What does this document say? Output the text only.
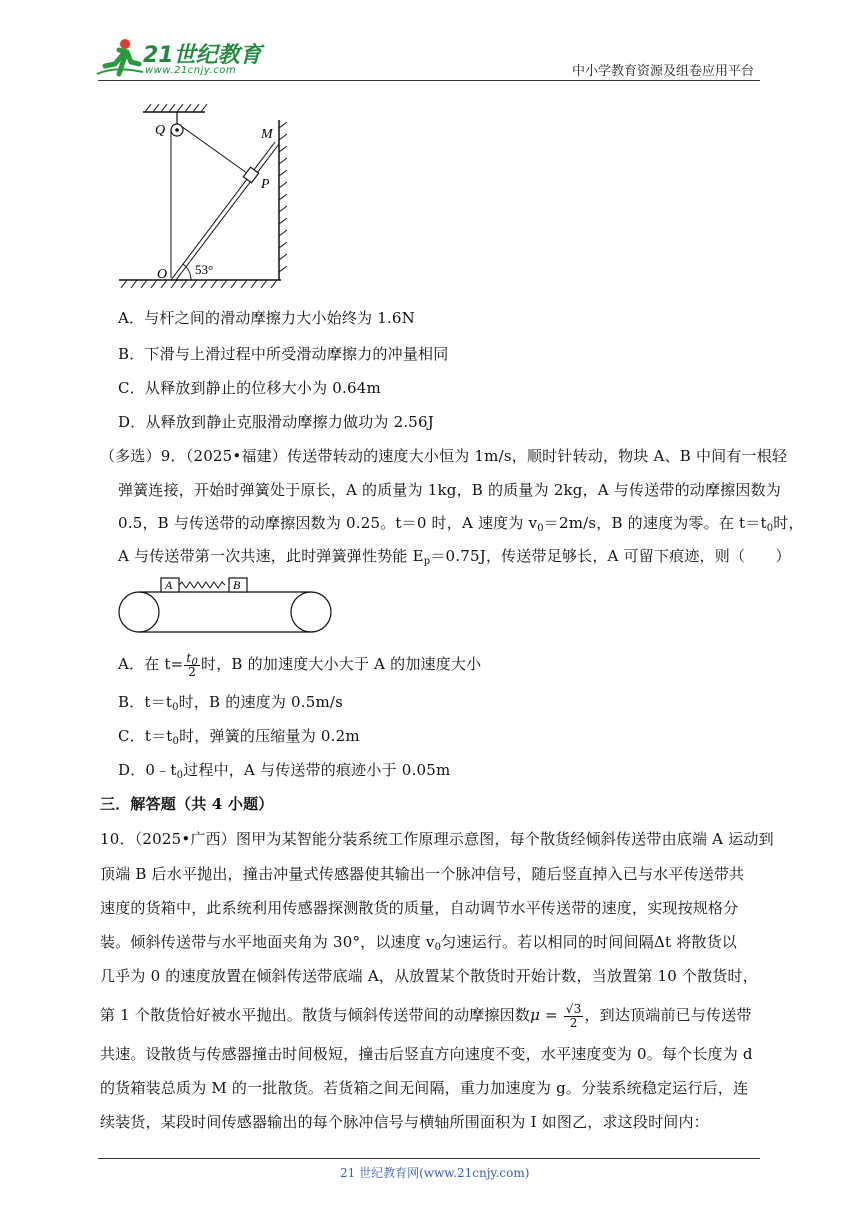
21世纪教育
www.21cnjy.com	中小学教育资源及组卷应用平台
Q	M
P
O 53°
A．与杆之间的滑动摩擦力大小始终为 1.6N
B．下滑与上滑过程中所受滑动摩擦力的冲量相同
C．从释放到静止的位移大小为 0.64m
D．从释放到静止克服滑动摩擦力做功为 2.56J
（多选）9．（2025•福建）传送带转动的速度大小恒为 1m/s，顺时针转动，物块 A、B 中间有一根轻
弹簧连接，开始时弹簧处于原长，A 的质量为 1kg，B 的质量为 2kg，A 与传送带的动摩擦因数为
0.5，B 与传送带的动摩擦因数为 0.25。t＝0 时，A 速度为 $v_0=2m/s$，B 的速度为零。在 $t=t_0$时，
A 与传送带第一次共速，此时弹簧弹性势能 $E_p=0.75J$，传送带足够长，A 可留下痕迹，则（　　）
A	B
A．在 $t= \frac{t_0}{2}$ 时，B 的加速度大小大于 A 的加速度大小
B．$t=t_0$时，B 的速度为 0.5m/s
C．$t=t_0$时，弹簧的压缩量为 0.2m
D．$0﹣t_0$过程中，A 与传送带的痕迹小于 0.05m
三．解答题（共 4 小题）
10．（2025•广西）图甲为某智能分装系统工作原理示意图，每个散货经倾斜传送带由底端 A 运动到
顶端 B 后水平抛出，撞击冲量式传感器使其输出一个脉冲信号，随后竖直掉入已与水平传送带共
速度的货箱中，此系统利用传感器探测散货的质量，自动调节水平传送带的速度，实现按规格分
装。倾斜传送带与水平地面夹角为 30°，以速度 $v_0$匀速运行。若以相同的时间间隔Δt 将散货以
几乎为 0 的速度放置在倾斜传送带底端 A，从放置某个散货时开始计数，当放置第 10 个散货时，
第 1 个散货恰好被水平抛出。散货与倾斜传送带间的动摩擦因数$\mu = \frac{√3}{2}$ ，到达顶端前已与传送带
共速。设散货与传感器撞击时间极短，撞击后竖直方向速度不变，水平速度变为 0。每个长度为 d
的货箱装总质为 M 的一批散货。若货箱之间无间隔，重力加速度为 g。分装系统稳定运行后，连
续装货，某段时间传感器输出的每个脉冲信号与横轴所围面积为 I 如图乙，求这段时间内：
21 世纪教育网(www.21cnjy.com)
